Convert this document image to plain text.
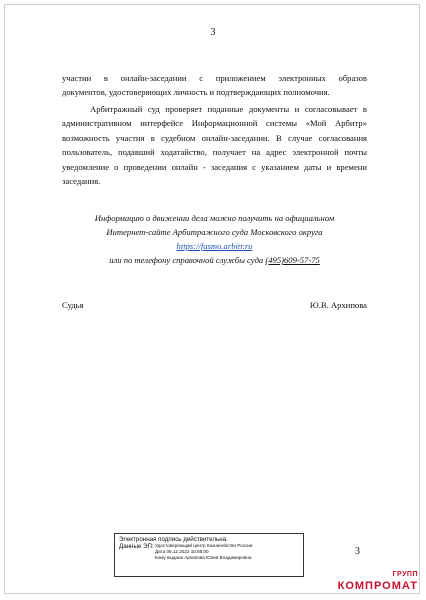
3
участии в онлайн-заседании с приложением электронных образов
документов, удостоверяющих личность и подтверждающих полномочия.
Арбитражный суд проверяет поданные документы и согласовывает в административном интерфейсе Информационной системы «Мой Арбитр» возможность участия в судебном онлайн-заседании. В случае согласования пользователь, подавший ходатайство, получает на адрес электронной почты уведомление о проведении онлайн - заседания с указанием даты и времени заседания.
Информацию о движении дела можно получить на официальном
Интернет-сайте Арбитражного суда Московского округа
https://fasmo.arbitr.ru
или по телефону справочной службы суда (495)609-57-75
Судья	Ю.В. Архипова
Электронная подпись действительна.
Данные ЭП: Удостоверяющий центр Казначейство России
Дата 06.12.2022 10:56:00
Кому выдана Архипова Юлия Владимировна
3
КОМПРОМАТ
ГРУПП
